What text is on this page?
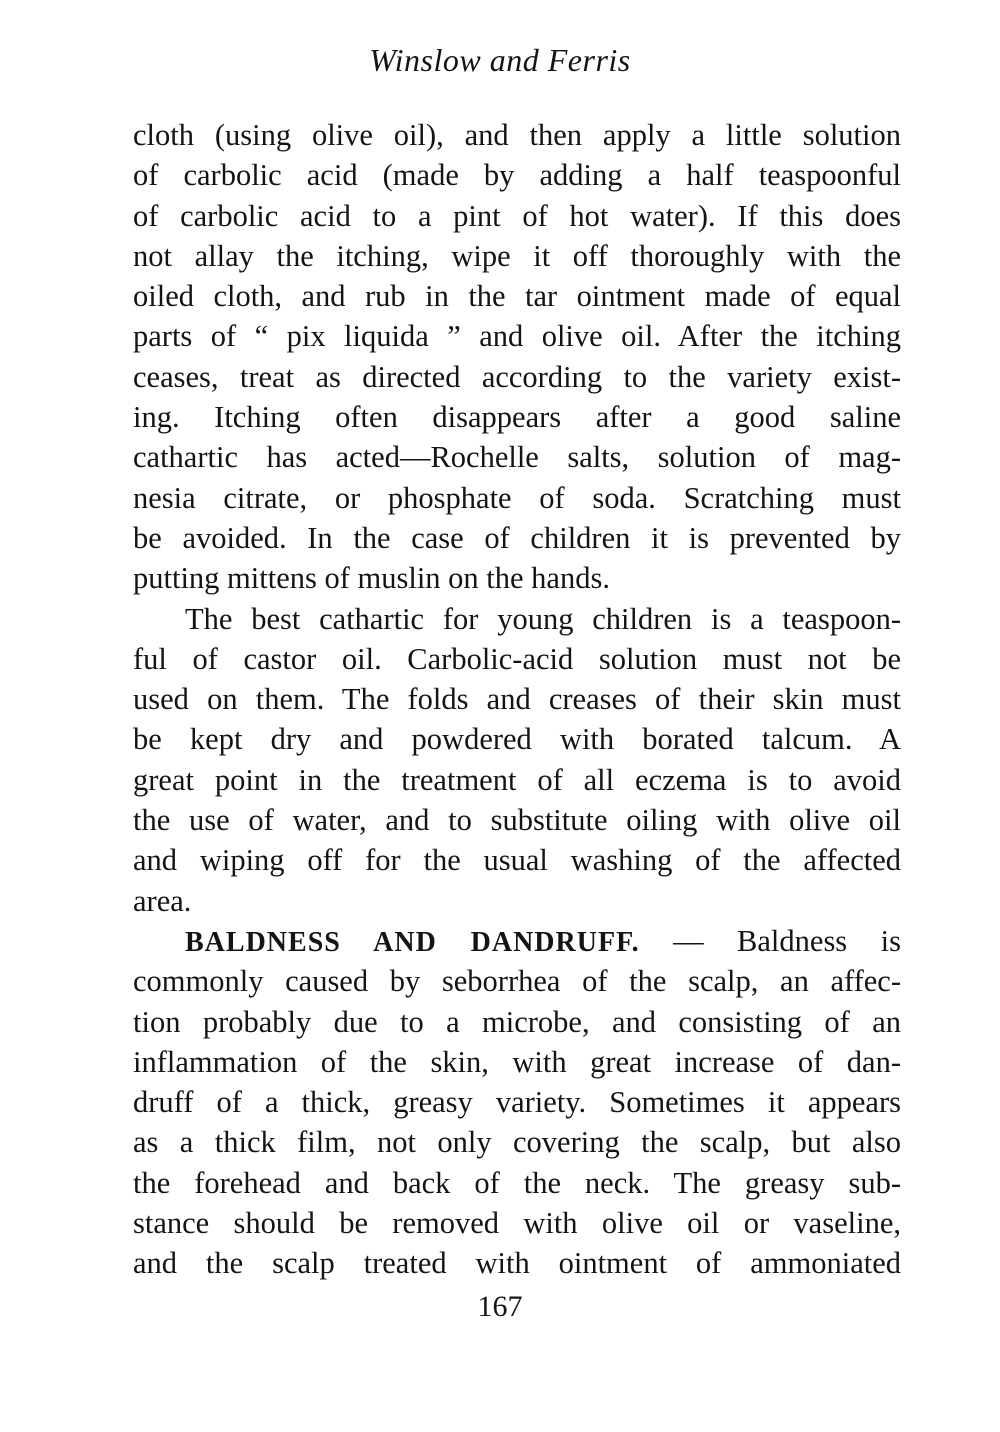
Winslow and Ferris
cloth (using olive oil), and then apply a little solution
of carbolic acid (made by adding a half teaspoonful
of carbolic acid to a pint of hot water). If this does
not allay the itching, wipe it off thoroughly with the
oiled cloth, and rub in the tar ointment made of equal
parts of “ pix liquida ” and olive oil. After the itching
ceases, treat as directed according to the variety exist-
ing. Itching often disappears after a good saline
cathartic has acted—Rochelle salts, solution of mag-
nesia citrate, or phosphate of soda. Scratching must
be avoided. In the case of children it is prevented by
putting mittens of muslin on the hands.
The best cathartic for young children is a teaspoon-
ful of castor oil. Carbolic-acid solution must not be
used on them. The folds and creases of their skin must
be kept dry and powdered with borated talcum. A
great point in the treatment of all eczema is to avoid
the use of water, and to substitute oiling with olive oil
and wiping off for the usual washing of the affected
area.
BALDNESS AND DANDRUFF. — Baldness is
commonly caused by seborrhea of the scalp, an affec-
tion probably due to a microbe, and consisting of an
inflammation of the skin, with great increase of dan-
druff of a thick, greasy variety. Sometimes it appears
as a thick film, not only covering the scalp, but also
the forehead and back of the neck. The greasy sub-
stance should be removed with olive oil or vaseline,
and the scalp treated with ointment of ammoniated
167
